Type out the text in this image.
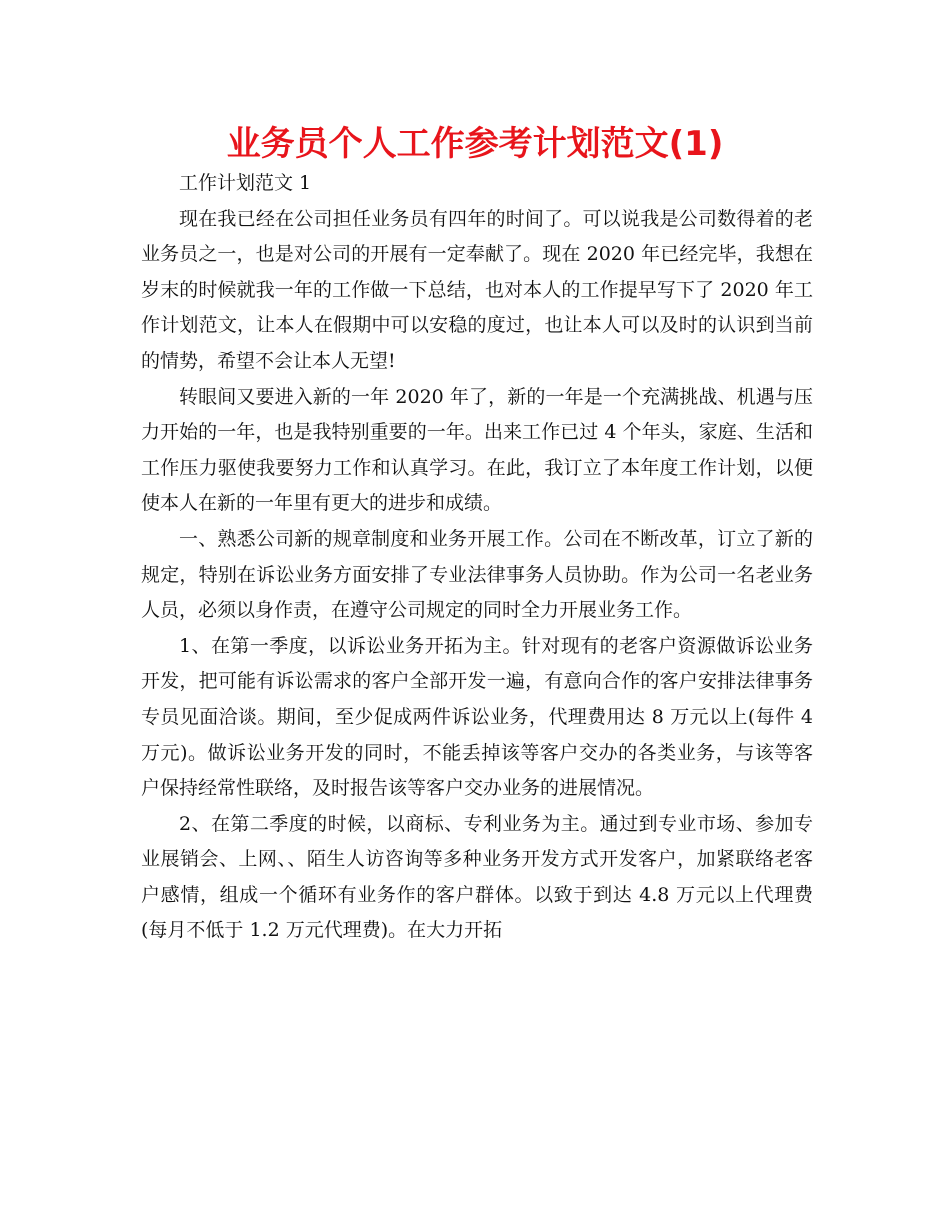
业务员个人工作参考计划范文(1)

工作计划范文 1

现在我已经在公司担任业务员有四年的时间了。可以说我是公司数得着的老业务员之一，也是对公司的开展有一定奉献了。现在 2020 年已经完毕，我想在岁末的时候就我一年的工作做一下总结，也对本人的工作提早写下了 2020 年工作计划范文，让本人在假期中可以安稳的度过，也让本人可以及时的认识到当前的情势，希望不会让本人无望!

转眼间又要进入新的一年 2020 年了，新的一年是一个充满挑战、机遇与压力开始的一年，也是我特别重要的一年。出来工作已过 4 个年头，家庭、生活和工作压力驱使我要努力工作和认真学习。在此，我订立了本年度工作计划，以便使本人在新的一年里有更大的进步和成绩。

一、熟悉公司新的规章制度和业务开展工作。公司在不断改革，订立了新的规定，特别在诉讼业务方面安排了专业法律事务人员协助。作为公司一名老业务人员，必须以身作责，在遵守公司规定的同时全力开展业务工作。

1、在第一季度，以诉讼业务开拓为主。针对现有的老客户资源做诉讼业务开发，把可能有诉讼需求的客户全部开发一遍，有意向合作的客户安排法律事务专员见面洽谈。期间，至少促成两件诉讼业务，代理费用达 8 万元以上(每件 4 万元)。做诉讼业务开发的同时，不能丢掉该等客户交办的各类业务，与该等客户保持经常性联络，及时报告该等客户交办业务的进展情况。

2、在第二季度的时候，以商标、专利业务为主。通过到专业市场、参加专业展销会、上网、、陌生人访咨询等多种业务开发方式开发客户，加紧联络老客户感情，组成一个循环有业务作的客户群体。以致于到达 4.8 万元以上代理费(每月不低于 1.2 万元代理费)。在大力开拓
